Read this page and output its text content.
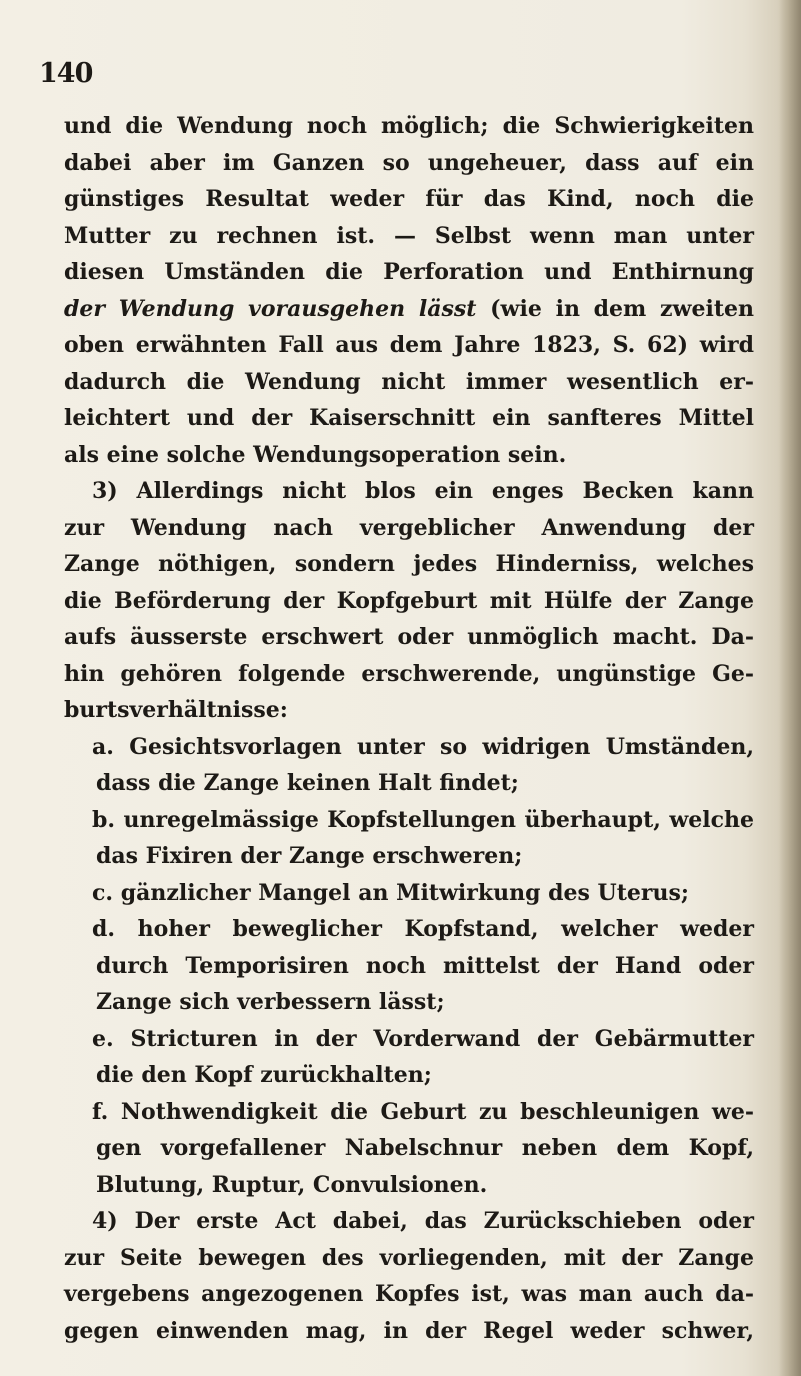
140
und die Wendung noch möglich; die Schwierigkeiten
dabei aber im Ganzen so ungeheuer, dass auf ein
günstiges Resultat weder für das Kind, noch die
Mutter zu rechnen ist. — Selbst wenn man unter
diesen Umständen die Perforation und Enthirnung
der Wendung vorausgehen lässt (wie in dem zweiten
oben erwähnten Fall aus dem Jahre 1823, S. 62) wird
dadurch die Wendung nicht immer wesentlich er-
leichtert und der Kaiserschnitt ein sanfteres Mittel
als eine solche Wendungsoperation sein.
3) Allerdings nicht blos ein enges Becken kann
zur Wendung nach vergeblicher Anwendung der
Zange nöthigen, sondern jedes Hinderniss, welches
die Beförderung der Kopfgeburt mit Hülfe der Zange
aufs äusserste erschwert oder unmöglich macht. Da-
hin gehören folgende erschwerende, ungünstige Ge-
burtsverhältnisse:
a. Gesichtsvorlagen unter so widrigen Umständen,
dass die Zange keinen Halt findet;
b. unregelmässige Kopfstellungen überhaupt, welche
das Fixiren der Zange erschweren;
c. gänzlicher Mangel an Mitwirkung des Uterus;
d. hoher beweglicher Kopfstand, welcher weder
durch Temporisiren noch mittelst der Hand oder
Zange sich verbessern lässt;
e. Stricturen in der Vorderwand der Gebärmutter
die den Kopf zurückhalten;
f. Nothwendigkeit die Geburt zu beschleunigen we-
gen vorgefallener Nabelschnur neben dem Kopf,
Blutung, Ruptur, Convulsionen.
4) Der erste Act dabei, das Zurückschieben oder
zur Seite bewegen des vorliegenden, mit der Zange
vergebens angezogenen Kopfes ist, was man auch da-
gegen einwenden mag, in der Regel weder schwer,
